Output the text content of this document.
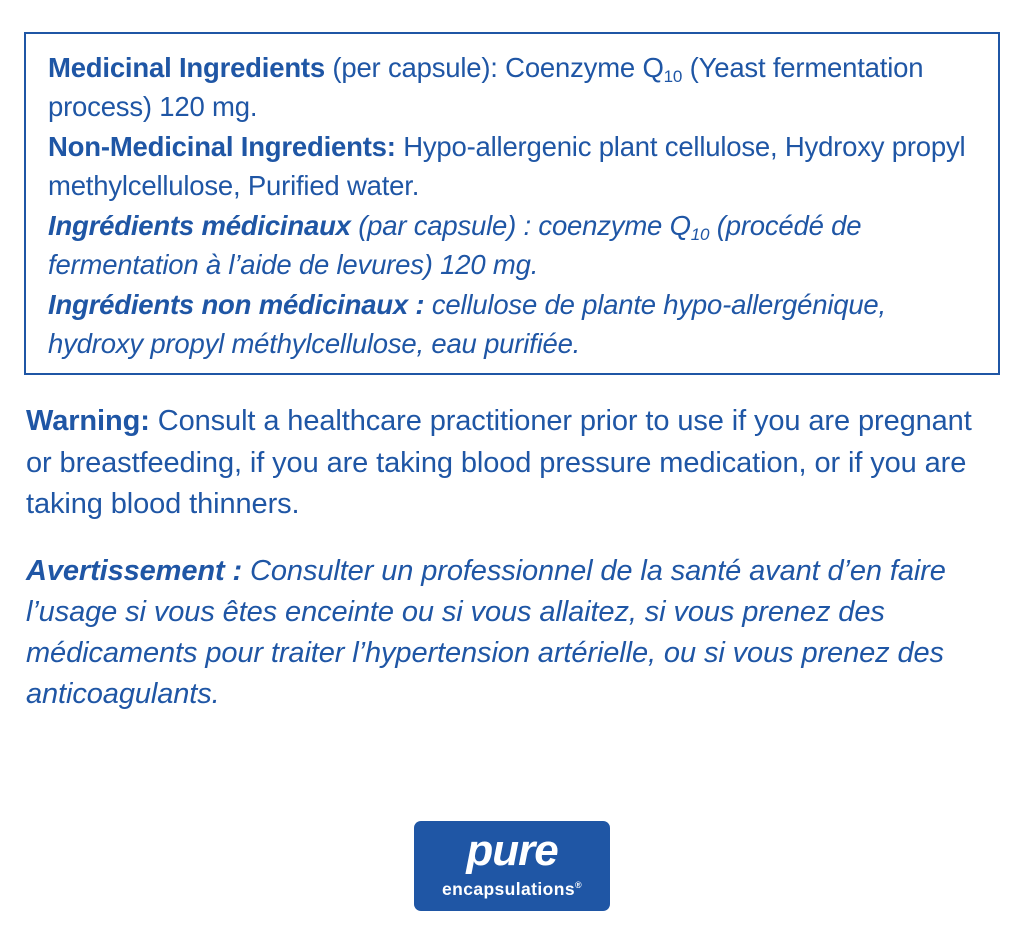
Medicinal Ingredients (per capsule): Coenzyme $Q_{10}$ (Yeast fermentation process) 120 mg.

Non-Medicinal Ingredients: Hypo-allergenic plant cellulose, Hydroxy propyl methylcellulose, Purified water.

Ingrédients médicinaux (par capsule) : coenzyme $Q_{10}$ (procédé de fermentation à l’aide de levures) 120 mg.

Ingrédients non médicinaux : cellulose de plante hypo-allergénique, hydroxy propyl méthylcellulose, eau purifiée.

Warning: Consult a healthcare practitioner prior to use if you are pregnant or breastfeeding, if you are taking blood pressure medication, or if you are taking blood thinners.

Avertissement : Consulter un professionnel de la santé avant d’en faire l’usage si vous êtes enceinte ou si vous allaitez, si vous prenez des médicaments pour traiter l’hypertension artérielle, ou si vous prenez des anticoagulants.

pure
encapsulations®
